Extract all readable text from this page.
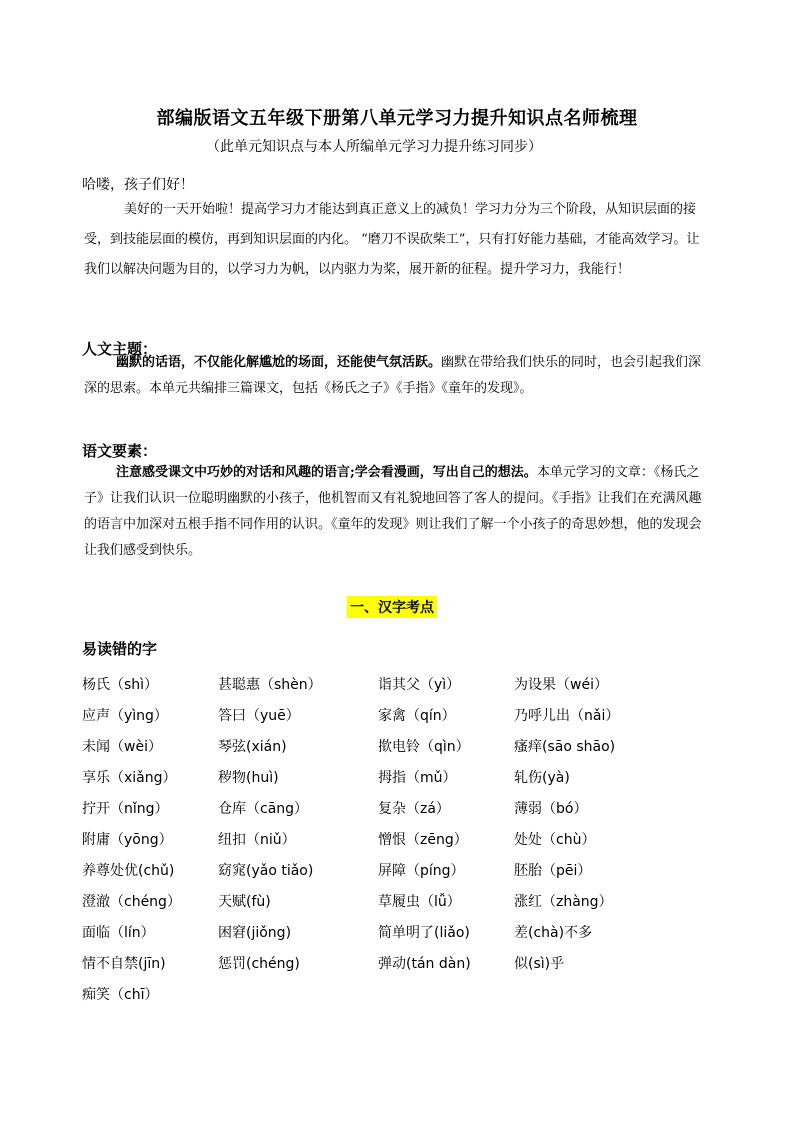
部编版语文五年级下册第八单元学习力提升知识点名师梳理
（此单元知识点与本人所编单元学习力提升练习同步）
哈喽，孩子们好！
美好的一天开始啦！提高学习力才能达到真正意义上的减负！学习力分为三个阶段，从知识层面的接受，到技能层面的模仿，再到知识层面的内化。 “磨刀不误砍柴工”，只有打好能力基础，才能高效学习。让我们以解决问题为目的，以学习力为帆，以内驱力为桨，展开新的征程。提升学习力，我能行！
人文主题：
幽默的话语，不仅能化解尴尬的场面，还能使气氛活跃。幽默在带给我们快乐的同时，也会引起我们深深的思索。本单元共编排三篇课文，包括《杨氏之子》《手指》《童年的发现》。
语文要素：
注意感受课文中巧妙的对话和风趣的语言;学会看漫画，写出自己的想法。本单元学习的文章：《杨氏之子》让我们认识一位聪明幽默的小孩子，他机智而又有礼貌地回答了客人的提问。《手指》让我们在充满风趣的语言中加深对五根手指不同作用的认识。《童年的发现》则让我们了解一个小孩子的奇思妙想，他的发现会让我们感受到快乐。
一、汉字考点
易读错的字
杨氏（shì）	甚聪惠（shèn）	诣其父（yì）	为设果（wéi）
应声（yìng）	答曰（yuē）	家禽（qín）	乃呼儿出（nǎi）
未闻（wèi）	琴弦(xián)	揿电铃（qìn）	瘙痒(sāo shāo)
享乐（xiǎng）	秽物(huì)	拇指（mǔ）	轧伤(yà)
拧开（nǐng）	仓库（cāng）	复杂（zá）	薄弱（bó）
附庸（yōng）	纽扣（niǔ）	憎恨（zēng）	处处（chù）
养尊处优(chǔ)	窈窕(yǎo tiǎo)	屏障（píng）	胚胎（pēi）
澄澈（chéng）	天赋(fù)	草履虫（lǚ）	涨红（zhàng）
面临（lín）	困窘(jiǒng)	简单明了(liǎo)	差(chà)不多
情不自禁(jīn)	惩罚(chéng)	弹动(tán dàn)	似(sì)乎
痴笑（chī）
